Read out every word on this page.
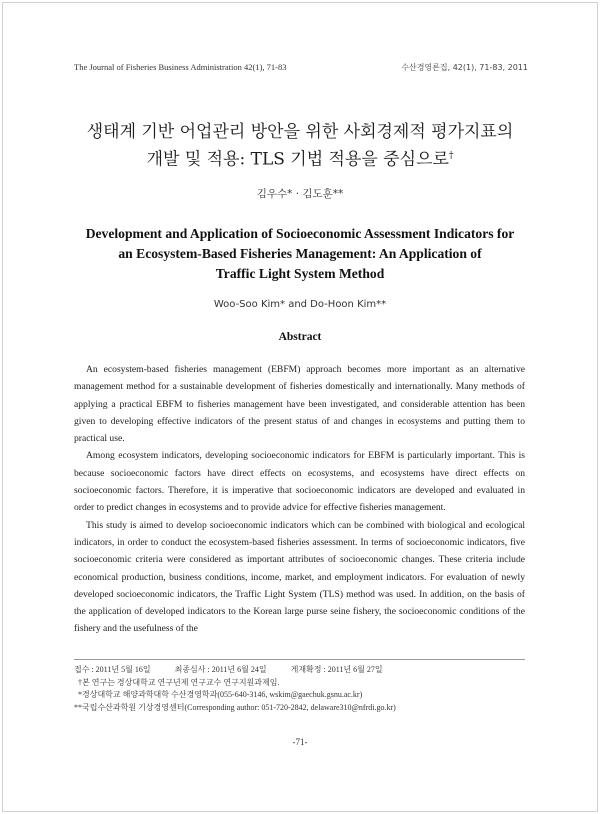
The Journal of Fisheries Business Administration 42(1), 71-83	수산경영론집, 42(1), 71-83, 2011
생태계 기반 어업관리 방안을 위한 사회경제적 평가지표의
개발 및 적용: TLS 기법 적용을 중심으로†
김우수* · 김도훈**
Development and Application of Socioeconomic Assessment Indicators for
an Ecosystem-Based Fisheries Management: An Application of
Traffic Light System Method
Woo-Soo Kim* and Do-Hoon Kim**
Abstract

An ecosystem-based fisheries management (EBFM) approach becomes more important as an alternative management method for a sustainable development of fisheries domestically and internationally. Many methods of applying a practical EBFM to fisheries management have been investigated, and considerable attention has been given to developing effective indicators of the present status of and changes in ecosystems and putting them to practical use.

Among ecosystem indicators, developing socioeconomic indicators for EBFM is particularly important. This is because socioeconomic factors have direct effects on ecosystems, and ecosystems have direct effects on socioeconomic factors. Therefore, it is imperative that socioeconomic indicators are developed and evaluated in order to predict changes in ecosystems and to provide advice for effective fisheries management.

This study is aimed to develop socioeconomic indicators which can be combined with biological and ecological indicators, in order to conduct the ecosystem-based fisheries assessment. In terms of socioeconomic indicators, five socioeconomic criteria were considered as important attributes of socioeconomic changes. These criteria include economical production, business conditions, income, market, and employment indicators. For evaluation of newly developed socioeconomic indicators, the Traffic Light System (TLS) method was used. In addition, on the basis of the application of developed indicators to the Korean large purse seine fishery, the socioeconomic conditions of the fishery and the usefulness of the

접수 : 2011년 5월 16일	최종심사 : 2011년 6월 24일	게재확정 : 2011년 6월 27일
†본 연구는 경상대학교 연구년제 연구교수 연구지원과제임.
*경상대학교 해양과학대학 수산경영학과(055-640-3146, wskim@gaechuk.gsnu.ac.kr)
**국립수산과학원 기상경영센터(Corresponding author: 051-720-2842, delaware310@nfrdi.go.kr)
-71-
